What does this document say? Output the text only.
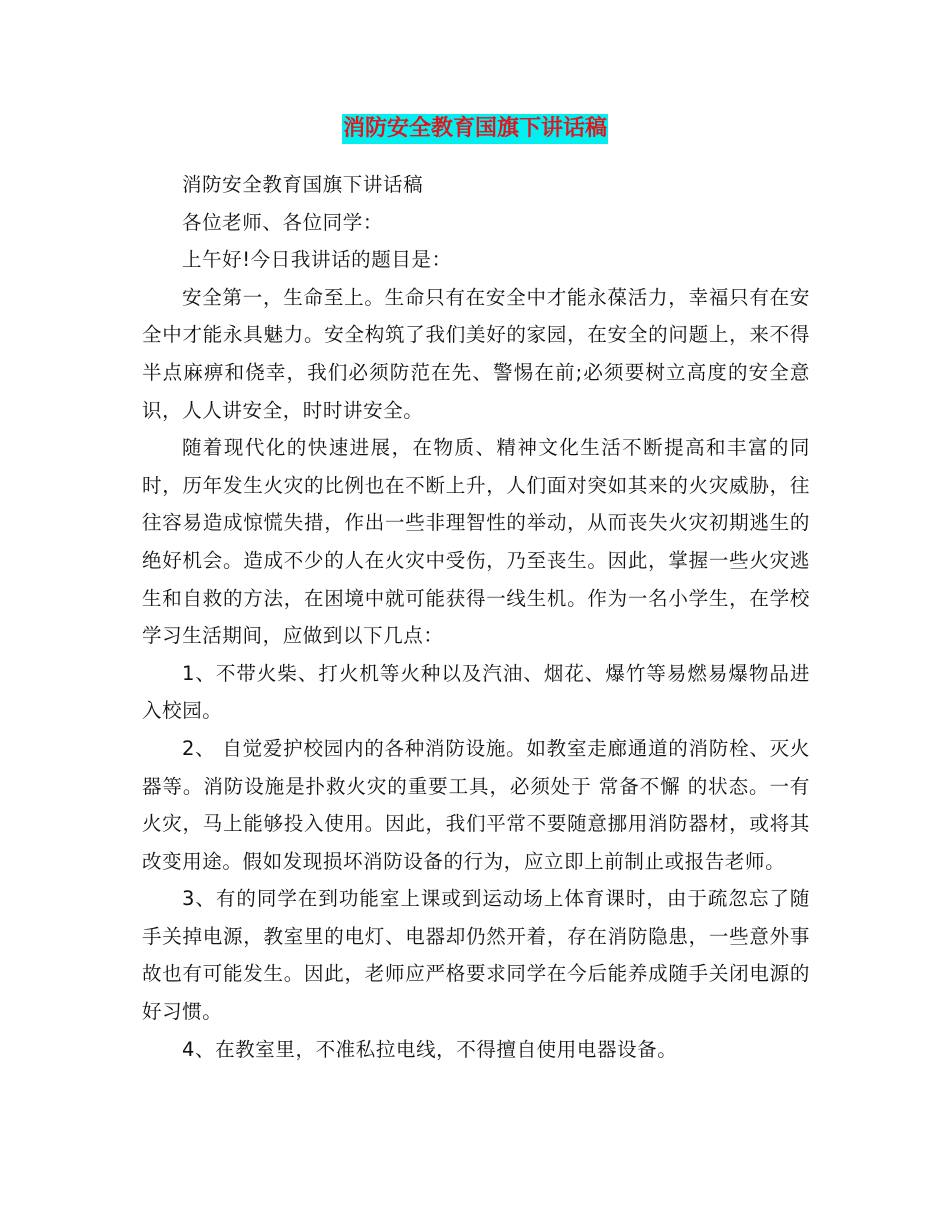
消防安全教育国旗下讲话稿

消防安全教育国旗下讲话稿

各位老师、各位同学：

上午好!今日我讲话的题目是：

安全第一，生命至上。生命只有在安全中才能永葆活力，幸福只有在安全中才能永具魅力。安全构筑了我们美好的家园，在安全的问题上，来不得半点麻痹和侥幸，我们必须防范在先、警惕在前;必须要树立高度的安全意识，人人讲安全，时时讲安全。

随着现代化的快速进展，在物质、精神文化生活不断提高和丰富的同时，历年发生火灾的比例也在不断上升，人们面对突如其来的火灾威胁，往往容易造成惊慌失措，作出一些非理智性的举动，从而丧失火灾初期逃生的绝好机会。造成不少的人在火灾中受伤，乃至丧生。因此，掌握一些火灾逃生和自救的方法，在困境中就可能获得一线生机。作为一名小学生，在学校学习生活期间，应做到以下几点：

1、不带火柴、打火机等火种以及汽油、烟花、爆竹等易燃易爆物品进入校园。

2、 自觉爱护校园内的各种消防设施。如教室走廊通道的消防栓、灭火器等。消防设施是扑救火灾的重要工具，必须处于 常备不懈 的状态。一有火灾，马上能够投入使用。因此，我们平常不要随意挪用消防器材，或将其改变用途。假如发现损坏消防设备的行为，应立即上前制止或报告老师。

3、有的同学在到功能室上课或到运动场上体育课时，由于疏忽忘了随手关掉电源，教室里的电灯、电器却仍然开着，存在消防隐患，一些意外事故也有可能发生。因此，老师应严格要求同学在今后能养成随手关闭电源的好习惯。

4、在教室里，不准私拉电线，不得擅自使用电器设备。
